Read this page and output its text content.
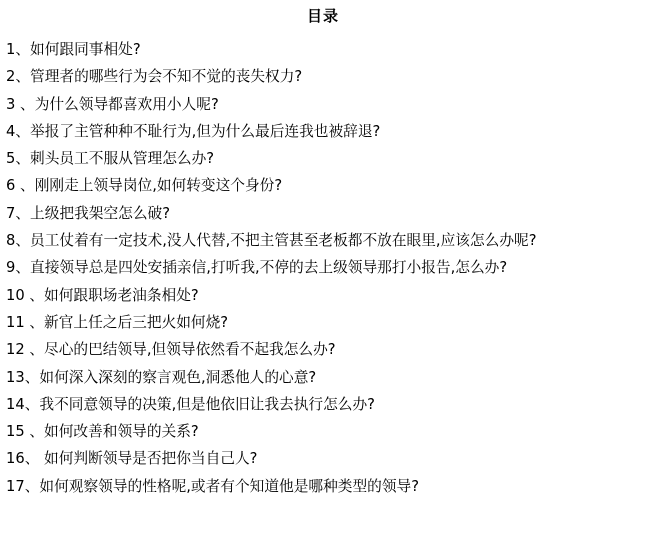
目录
1、如何跟同事相处?
2、管理者的哪些行为会不知不觉的丧失权力?
3 、为什么领导都喜欢用小人呢?
4、举报了主管种种不耻行为,但为什么最后连我也被辞退?
5、刺头员工不服从管理怎么办?
6 、刚刚走上领导岗位,如何转变这个身份?
7、上级把我架空怎么破?
8、员工仗着有一定技术,没人代替,不把主管甚至老板都不放在眼里,应该怎么办呢?
9、直接领导总是四处安插亲信,打听我,不停的去上级领导那打小报告,怎么办?
10 、如何跟职场老油条相处?
11 、新官上任之后三把火如何烧?
12 、尽心的巴结领导,但领导依然看不起我怎么办?
13、如何深入深刻的察言观色,洞悉他人的心意?
14、我不同意领导的决策,但是他依旧让我去执行怎么办?
15 、如何改善和领导的关系?
16、 如何判断领导是否把你当自己人?
17、如何观察领导的性格呢,或者有个知道他是哪种类型的领导?
